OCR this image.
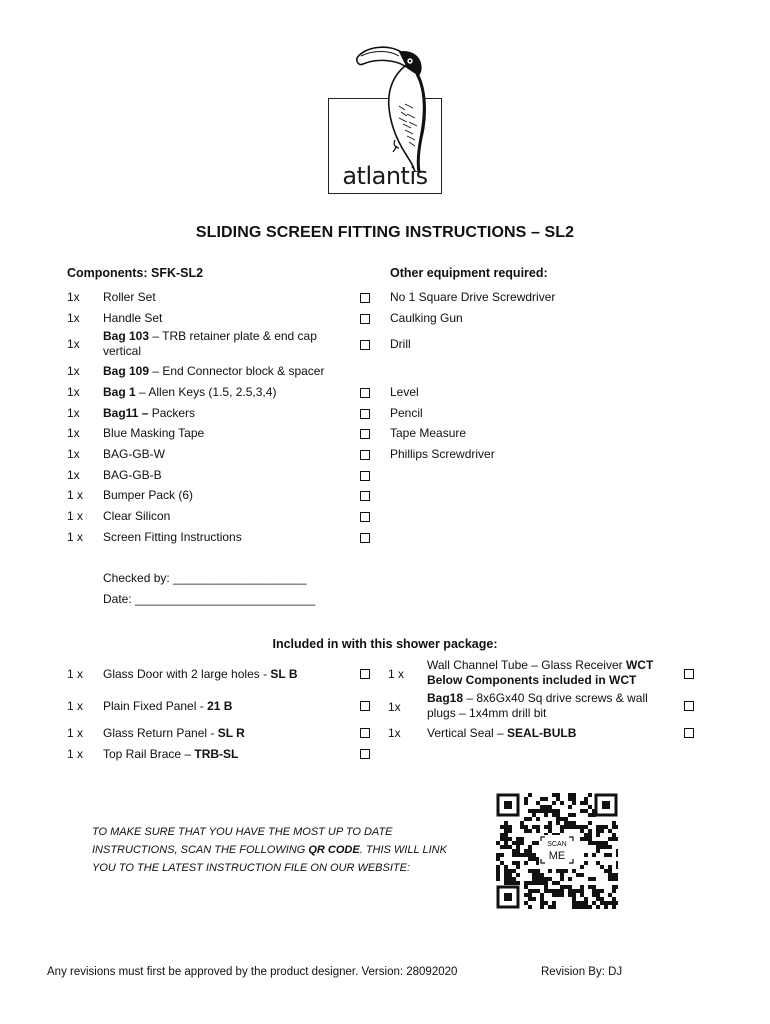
atlantis
SLIDING SCREEN FITTING INSTRUCTIONS – SL2
Components: SFK-SL2	Other equipment required:
1x Roller Set
1x Handle Set
1x
Bag 103 – TRB retainer plate & end cap vertical
1x Bag 109 – End Connector block & spacer
1x Bag 1 – Allen Keys (1.5, 2.5,3,4)
1x Bag11 – Packers
1x Blue Masking Tape
1x BAG-GB-W
1x BAG-GB-B
1 x Bumper Pack (6)
1 x Clear Silicon
1 x Screen Fitting Instructions
No 1 Square Drive Screwdriver
Caulking Gun
Drill
Level
Pencil
Tape Measure
Phillips Screwdriver
Checked by: ____________________
Date: ___________________________
Included in with this shower package:
1 x Glass Door with 2 large holes - SL B
1 x Plain Fixed Panel - 21 B
1 x Glass Return Panel - SL R
1 x Top Rail Brace – TRB-SL
1 x
Wall Channel Tube – Glass Receiver WCT
Below Components included in WCT
1x
Bag18 – 8x6Gx40 Sq drive screws & wall
plugs – 1x4mm drill bit
1x Vertical Seal – SEAL-BULB
TO MAKE SURE THAT YOU HAVE THE MOST UP TO DATE
INSTRUCTIONS, SCAN THE FOLLOWING QR CODE. THIS WILL LINK
YOU TO THE LATEST INSTRUCTION FILE ON OUR WEBSITE:
SCAN
ME
Any revisions must first be approved by the product designer. Version: 28092020	Revision By: DJ
